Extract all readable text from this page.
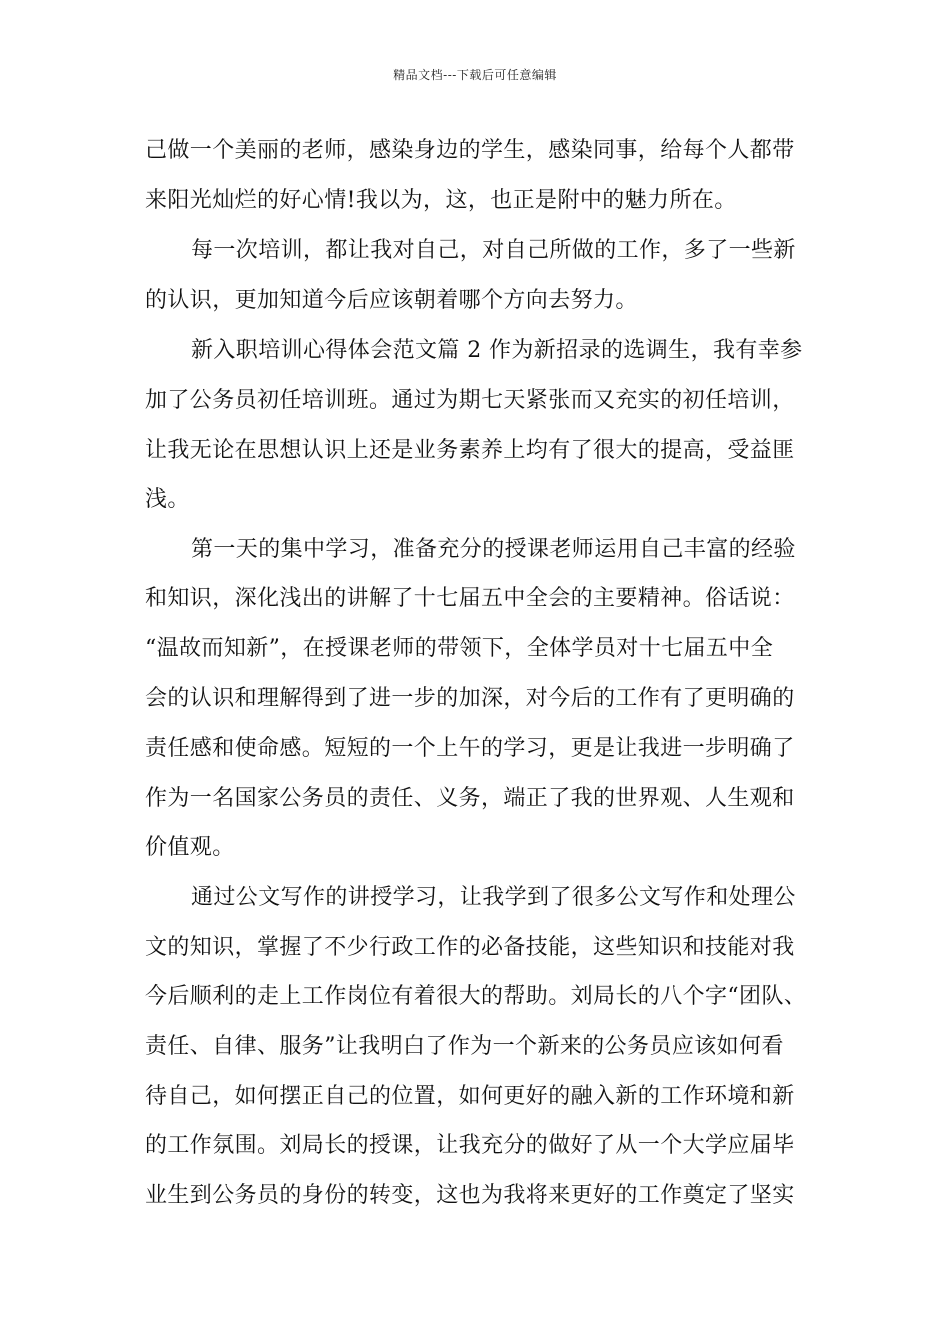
精品文档---下载后可任意编辑
己做一个美丽的老师，感染身边的学生，感染同事，给每个人都带
来阳光灿烂的好心情!我以为，这，也正是附中的魅力所在。
每一次培训，都让我对自己，对自己所做的工作，多了一些新
的认识，更加知道今后应该朝着哪个方向去努力。
新入职培训心得体会范文篇 2 作为新招录的选调生，我有幸参
加了公务员初任培训班。通过为期七天紧张而又充实的初任培训，
让我无论在思想认识上还是业务素养上均有了很大的提高，受益匪
浅。
第一天的集中学习，准备充分的授课老师运用自己丰富的经验
和知识，深化浅出的讲解了十七届五中全会的主要精神。俗话说：
“温故而知新”，在授课老师的带领下，全体学员对十七届五中全
会的认识和理解得到了进一步的加深，对今后的工作有了更明确的
责任感和使命感。短短的一个上午的学习，更是让我进一步明确了
作为一名国家公务员的责任、义务，端正了我的世界观、人生观和
价值观。
通过公文写作的讲授学习，让我学到了很多公文写作和处理公
文的知识，掌握了不少行政工作的必备技能，这些知识和技能对我
今后顺利的走上工作岗位有着很大的帮助。刘局长的八个字“团队、
责任、自律、服务”让我明白了作为一个新来的公务员应该如何看
待自己，如何摆正自己的位置，如何更好的融入新的工作环境和新
的工作氛围。刘局长的授课，让我充分的做好了从一个大学应届毕
业生到公务员的身份的转变，这也为我将来更好的工作奠定了坚实
